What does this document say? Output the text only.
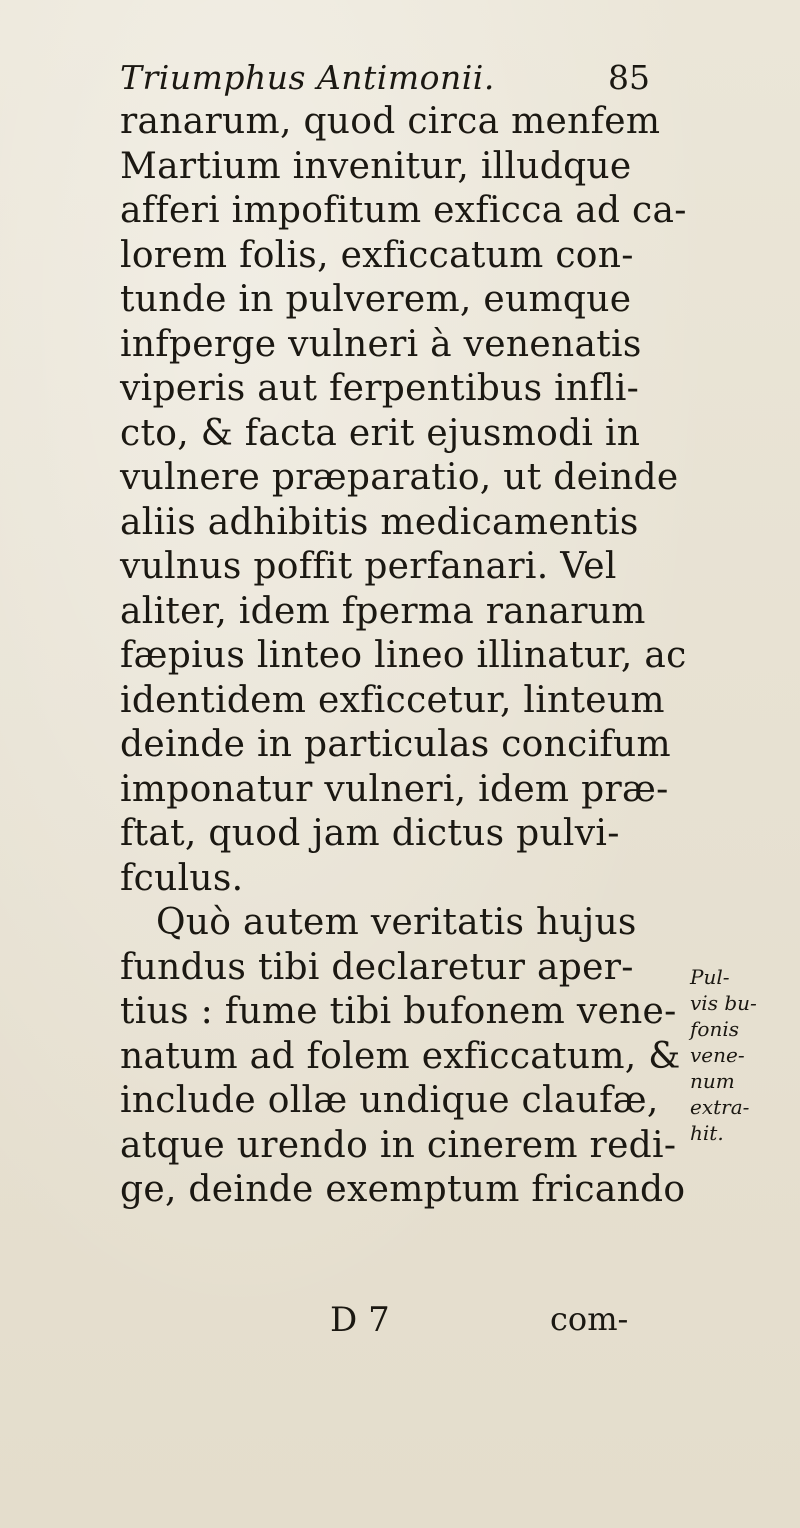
Triumphus Antimonii.	85
ranarum, quod circa menfem
Martium invenitur, illudque
afferi impofitum exficca ad ca-
lorem folis, exficcatum con-
tunde in pulverem, eumque
infperge vulneri à venenatis
viperis aut ferpentibus infli-
cto, & facta erit ejusmodi in
vulnere præparatio, ut deinde
aliis adhibitis medicamentis
vulnus poffit perfanari. Vel
aliter, idem fperma ranarum
fæpius linteo lineo illinatur, ac
identidem exficcetur, linteum
deinde in particulas concifum
imponatur vulneri, idem præ-
ftat, quod jam dictus pulvi-
fculus.
Quò autem veritatis hujus
fundus tibi declaretur aper-
tius : fume tibi bufonem vene-
natum ad folem exficcatum, &
include ollæ undique claufæ,
atque urendo in cinerem redi-
ge, deinde exemptum fricando
Pul-
vis bu-
fonis
vene-
num
extra-
hit.
D 7	com-
